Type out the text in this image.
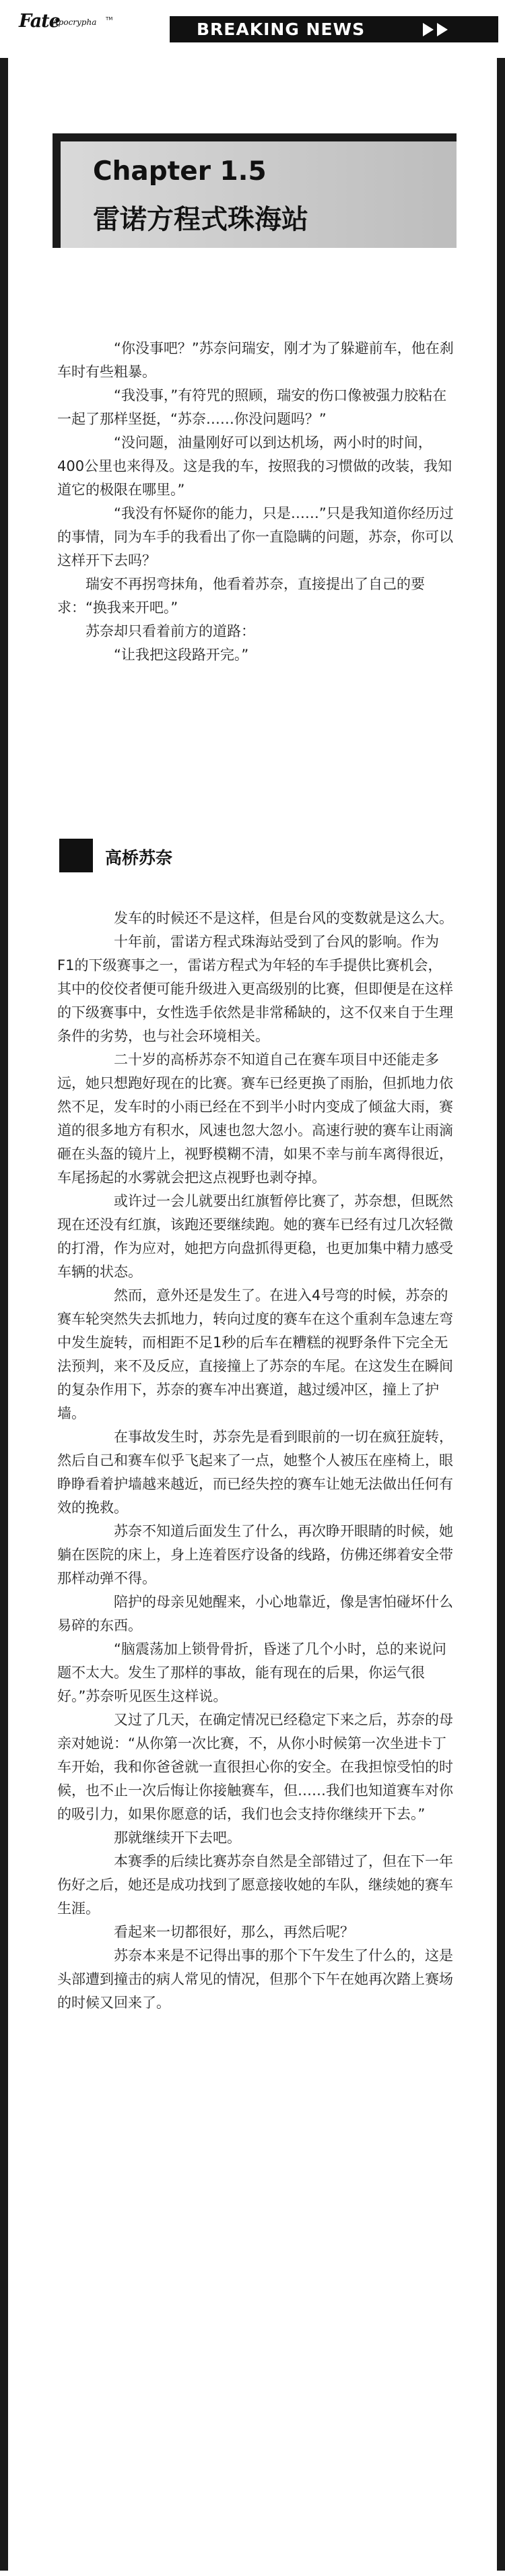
Fate
Apocrypha TM
BREAKING NEWS
Chapter 1.5
雷诺方程式珠海站

“你没事吧？”苏奈问瑞安，刚才为了躲避前车，他在刹车时有些粗暴。

“我没事，”有符咒的照顾，瑞安的伤口像被强力胶粘在一起了那样坚挺，“苏奈……你没问题吗？”

“没问题，油量刚好可以到达机场，两小时的时间，400公里也来得及。这是我的车，按照我的习惯做的改装，我知道它的极限在哪里。”

“我没有怀疑你的能力，只是……”只是我知道你经历过的事情，同为车手的我看出了你一直隐瞒的问题，苏奈，你可以这样开下去吗？

瑞安不再拐弯抹角，他看着苏奈，直接提出了自己的要求：“换我来开吧。”

苏奈却只看着前方的道路：

“让我把这段路开完。”

高桥苏奈

发车的时候还不是这样，但是台风的变数就是这么大。

十年前，雷诺方程式珠海站受到了台风的影响。作为F1的下级赛事之一，雷诺方程式为年轻的车手提供比赛机会，其中的佼佼者便可能升级进入更高级别的比赛，但即便是在这样的下级赛事中，女性选手依然是非常稀缺的，这不仅来自于生理条件的劣势，也与社会环境相关。

二十岁的高桥苏奈不知道自己在赛车项目中还能走多远，她只想跑好现在的比赛。赛车已经更换了雨胎，但抓地力依然不足，发车时的小雨已经在不到半小时内变成了倾盆大雨，赛道的很多地方有积水，风速也忽大忽小。高速行驶的赛车让雨滴砸在头盔的镜片上，视野模糊不清，如果不幸与前车离得很近，车尾扬起的水雾就会把这点视野也剥夺掉。

或许过一会儿就要出红旗暂停比赛了，苏奈想，但既然现在还没有红旗，该跑还要继续跑。她的赛车已经有过几次轻微的打滑，作为应对，她把方向盘抓得更稳，也更加集中精力感受车辆的状态。

然而，意外还是发生了。在进入4号弯的时候，苏奈的赛车轮突然失去抓地力，转向过度的赛车在这个重刹车急速左弯中发生旋转，而相距不足1秒的后车在糟糕的视野条件下完全无法预判，来不及反应，直接撞上了苏奈的车尾。在这发生在瞬间的复杂作用下，苏奈的赛车冲出赛道，越过缓冲区，撞上了护墙。

在事故发生时，苏奈先是看到眼前的一切在疯狂旋转，然后自己和赛车似乎飞起来了一点，她整个人被压在座椅上，眼睁睁看着护墙越来越近，而已经失控的赛车让她无法做出任何有效的挽救。

苏奈不知道后面发生了什么，再次睁开眼睛的时候，她躺在医院的床上，身上连着医疗设备的线路，仿佛还绑着安全带那样动弹不得。

陪护的母亲见她醒来，小心地靠近，像是害怕碰坏什么易碎的东西。

“脑震荡加上锁骨骨折，昏迷了几个小时，总的来说问题不太大。发生了那样的事故，能有现在的后果，你运气很好。”苏奈听见医生这样说。

又过了几天，在确定情况已经稳定下来之后，苏奈的母亲对她说：“从你第一次比赛，不，从你小时候第一次坐进卡丁车开始，我和你爸爸就一直很担心你的安全。在我担惊受怕的时候，也不止一次后悔让你接触赛车，但……我们也知道赛车对你的吸引力，如果你愿意的话，我们也会支持你继续开下去。”

那就继续开下去吧。

本赛季的后续比赛苏奈自然是全部错过了，但在下一年伤好之后，她还是成功找到了愿意接收她的车队，继续她的赛车生涯。

看起来一切都很好，那么，再然后呢？

苏奈本来是不记得出事的那个下午发生了什么的，这是头部遭到撞击的病人常见的情况，但那个下午在她再次踏上赛场的时候又回来了。
